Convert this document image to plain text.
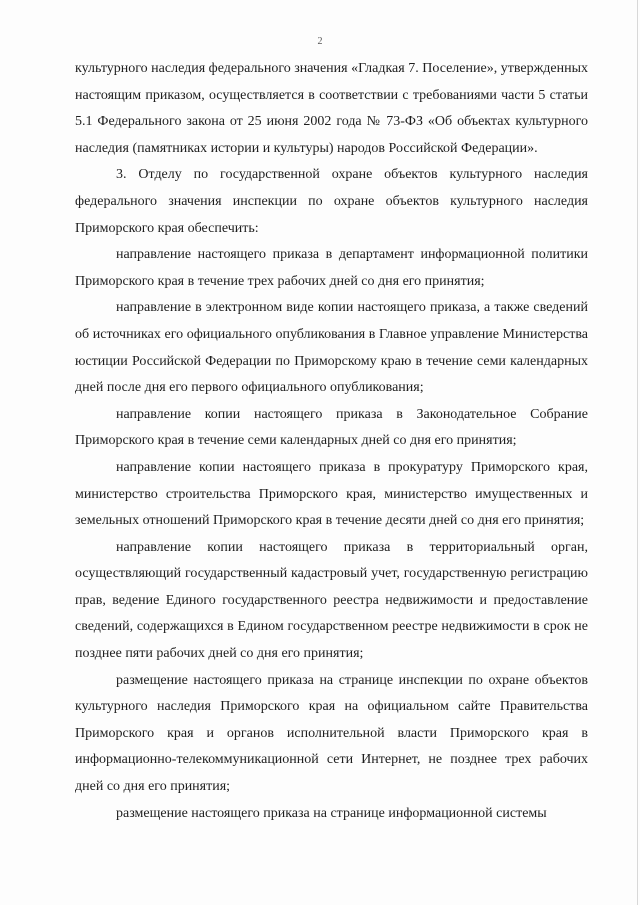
2

культурного наследия федерального значения «Гладкая 7. Поселение», утвержденных настоящим приказом, осуществляется в соответствии с требованиями части 5 статьи 5.1 Федерального закона от 25 июня 2002 года № 73-ФЗ «Об объектах культурного наследия (памятниках истории и культуры) народов Российской Федерации».

3. Отделу по государственной охране объектов культурного наследия федерального значения инспекции по охране объектов культурного наследия Приморского края обеспечить:

направление настоящего приказа в департамент информационной политики Приморского края в течение трех рабочих дней со дня его принятия;

направление в электронном виде копии настоящего приказа, а также сведений об источниках его официального опубликования в Главное управление Министерства юстиции Российской Федерации по Приморскому краю в течение семи календарных дней после дня его первого официального опубликования;

направление копии настоящего приказа в Законодательное Собрание Приморского края в течение семи календарных дней со дня его принятия;

направление копии настоящего приказа в прокуратуру Приморского края, министерство строительства Приморского края, министерство имущественных и земельных отношений Приморского края в течение десяти дней со дня его принятия;

направление копии настоящего приказа в территориальный орган, осуществляющий государственный кадастровый учет, государственную регистрацию прав, ведение Единого государственного реестра недвижимости и предоставление сведений, содержащихся в Едином государственном реестре недвижимости в срок не позднее пяти рабочих дней со дня его принятия;

размещение настоящего приказа на странице инспекции по охране объектов культурного наследия Приморского края на официальном сайте Правительства Приморского края и органов исполнительной власти Приморского края в информационно-телекоммуникационной сети Интернет, не позднее трех рабочих дней со дня его принятия;

размещение настоящего приказа на странице информационной системы
